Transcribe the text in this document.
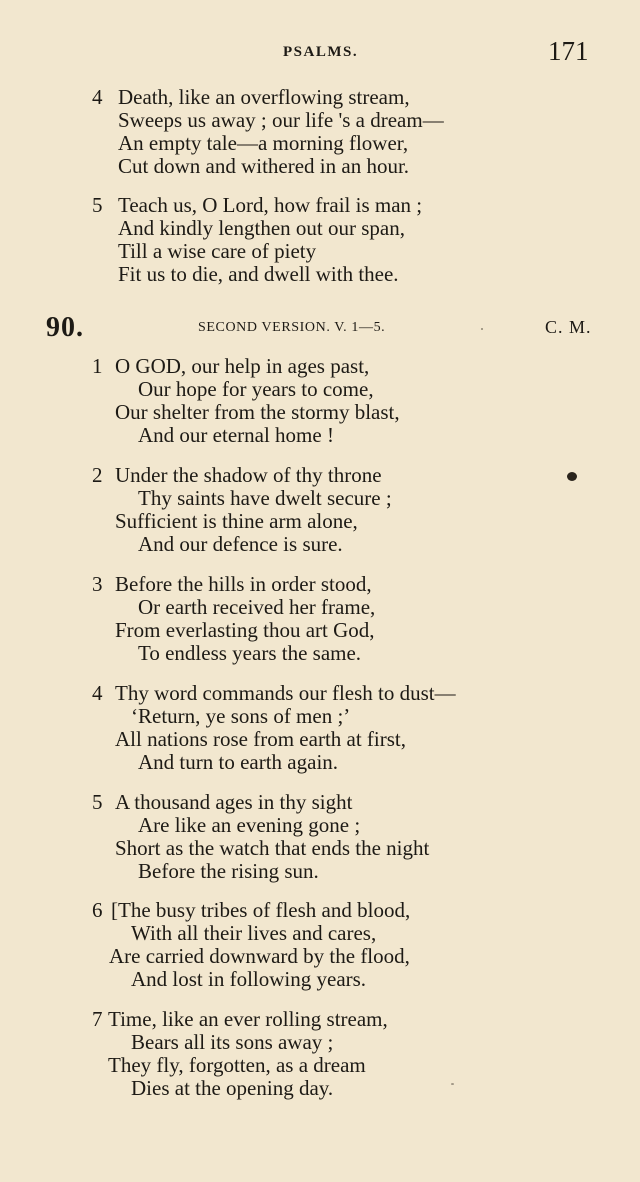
PSALMS.	171
4 Death, like an overflowing stream,
Sweeps us away ; our life 's a dream—
An empty tale—a morning flower,
Cut down and withered in an hour.
5 Teach us, O Lord, how frail is man ;
And kindly lengthen out our span,
Till a wise care of piety
Fit us to die, and dwell with thee.
90.	SECOND VERSION. V. 1—5.	C. M.
1 O GOD, our help in ages past,
Our hope for years to come,
Our shelter from the stormy blast,
And our eternal home !
2 Under the shadow of thy throne
Thy saints have dwelt secure ;
Sufficient is thine arm alone,
And our defence is sure.
3 Before the hills in order stood,
Or earth received her frame,
From everlasting thou art God,
To endless years the same.
4 Thy word commands our flesh to dust—
‘Return, ye sons of men ;’
All nations rose from earth at first,
And turn to earth again.
5 A thousand ages in thy sight
Are like an evening gone ;
Short as the watch that ends the night
Before the rising sun.
6 [The busy tribes of flesh and blood,
With all their lives and cares,
Are carried downward by the flood,
And lost in following years.
7 Time, like an ever rolling stream,
Bears all its sons away ;
They fly, forgotten, as a dream
Dies at the opening day.
